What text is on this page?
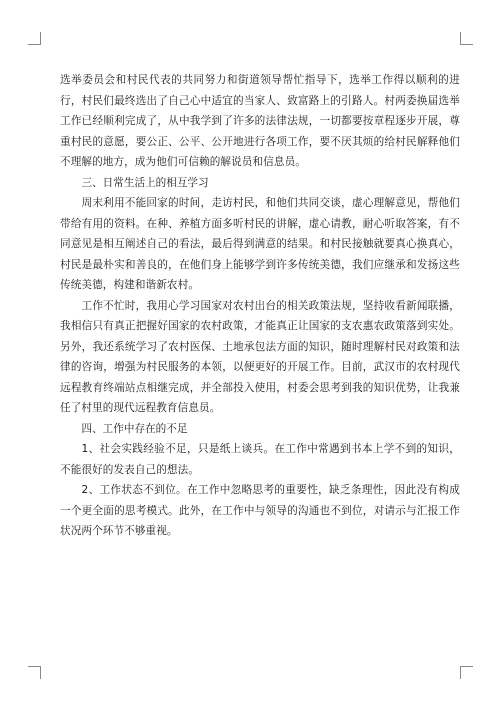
选举委员会和村民代表的共同努力和街道领导帮忙指导下，选举工作得以顺利的进行，村民们最终选出了自己心中适宜的当家人、致富路上的引路人。村两委换届选举工作已经顺利完成了，从中我学到了许多的法律法规，一切都要按章程逐步开展，尊重村民的意愿，要公正、公平、公开地进行各项工作，要不厌其烦的给村民解释他们不理解的地方，成为他们可信赖的解说员和信息员。

三、日常生活上的相互学习

周末利用不能回家的时间，走访村民，和他们共同交谈，虚心理解意见，帮他们带给有用的资料。在种、养植方面多听村民的讲解，虚心请教，耐心听取答案，有不同意见是相互阐述自己的看法，最后得到满意的结果。和村民接触就要真心换真心，村民是最朴实和善良的，在他们身上能够学到许多传统美德，我们应继承和发扬这些传统美德，构建和谐新农村。

工作不忙时，我用心学习国家对农村出台的相关政策法规，坚持收看新闻联播，我相信只有真正把握好国家的农村政策，才能真正让国家的支农惠农政策落到实处。另外，我还系统学习了农村医保、土地承包法方面的知识，随时理解村民对政策和法律的咨询，增强为村民服务的本领，以便更好的开展工作。目前，武汉市的农村现代远程教育终端站点相继完成，并全部投入使用，村委会思考到我的知识优势，让我兼任了村里的现代远程教育信息员。

四、工作中存在的不足

1、社会实践经验不足，只是纸上谈兵。在工作中常遇到书本上学不到的知识，不能很好的发表自己的想法。

2、工作状态不到位。在工作中忽略思考的重要性，缺乏条理性，因此没有构成一个更全面的思考模式。此外，在工作中与领导的沟通也不到位，对请示与汇报工作状况两个环节不够重视。
